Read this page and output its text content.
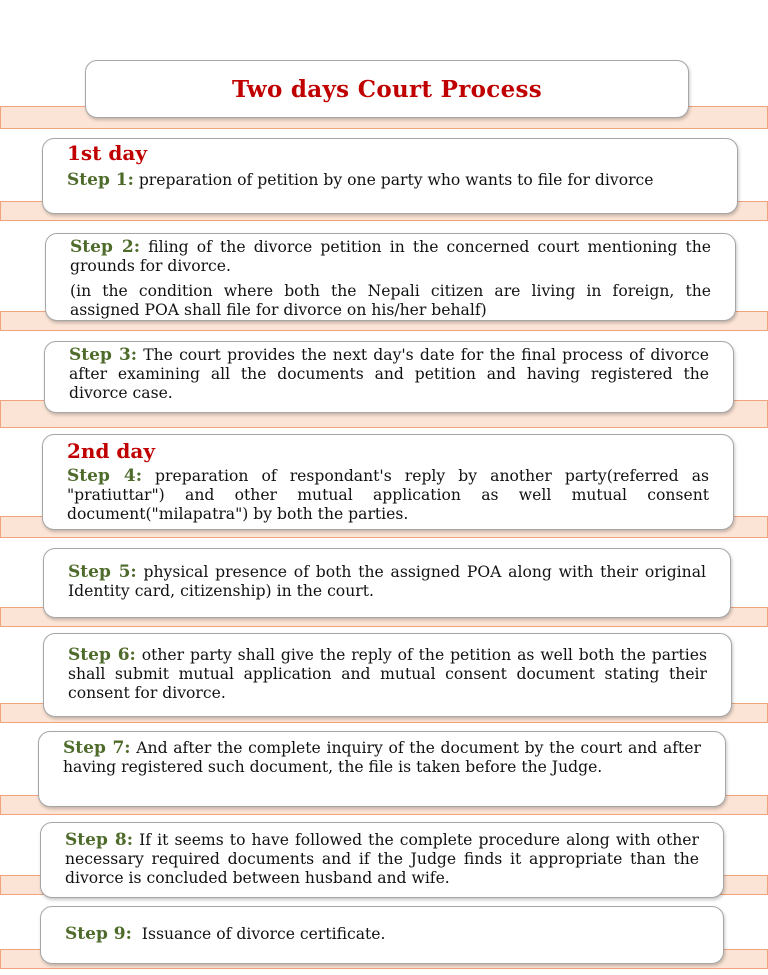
Two days Court Process
1st day

Step 1: preparation of petition by one party who wants to file for divorce

Step 2: filing of the divorce petition in the concerned court mentioning the grounds for divorce.

(in the condition where both the Nepali citizen are living in foreign, the assigned POA shall file for divorce on his/her behalf)

Step 3: The court provides the next day's date for the final process of divorce after examining all the documents and petition and having registered the divorce case.

2nd day

Step 4: preparation of respondant's reply by another party(referred as "pratiuttar") and other mutual application as well mutual consent document("milapatra") by both the parties.

Step 5: physical presence of both the assigned POA along with their original Identity card, citizenship) in the court.

Step 6: other party shall give the reply of the petition as well both the parties shall submit mutual application and mutual consent document stating their consent for divorce.

Step 7: And after the complete inquiry of the document by the court and after having registered such document, the file is taken before the Judge.

Step 8: If it seems to have followed the complete procedure along with other necessary required documents and if the Judge finds it appropriate than the divorce is concluded between husband and wife.

Step 9: Issuance of divorce certificate.
